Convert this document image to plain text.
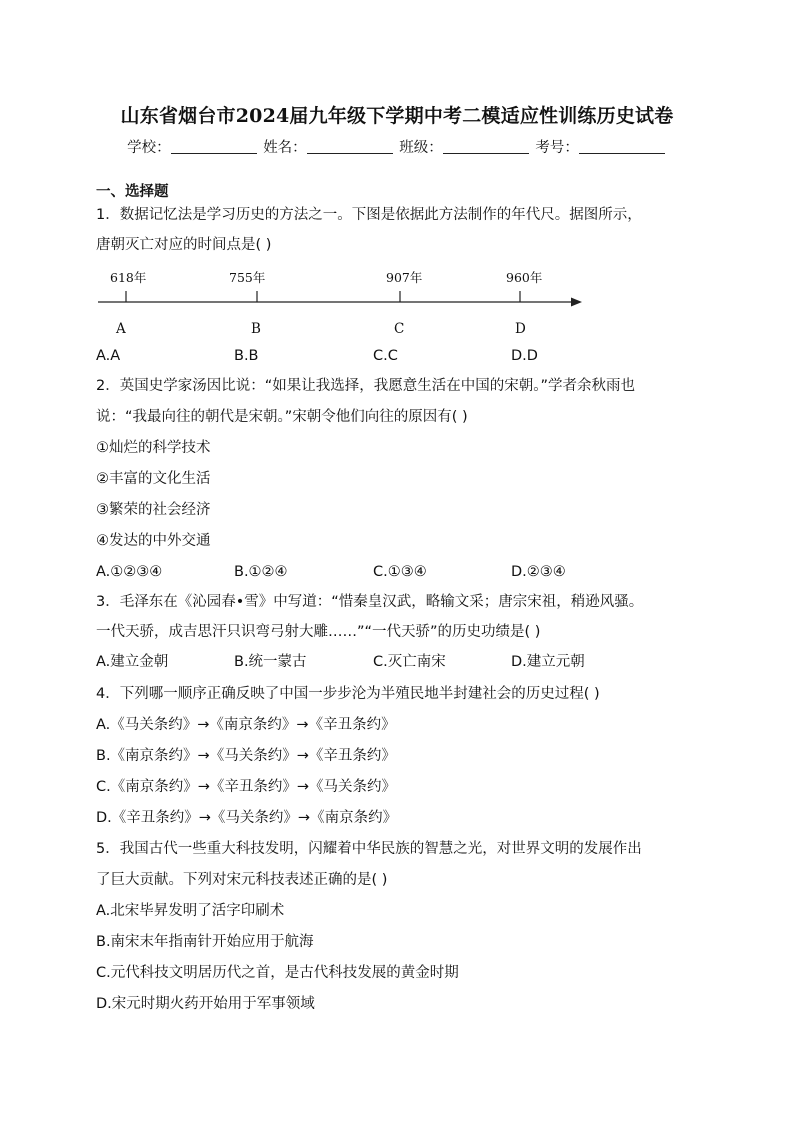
山东省烟台市2024届九年级下学期中考二模适应性训练历史试卷
学校：	姓名：	班级：	考号：
一、选择题
1．数据记忆法是学习历史的方法之一。下图是依据此方法制作的年代尺。据图所示，
唐朝灭亡对应的时间点是( )
618年	755年	907年	960年
A	B	C	D
A.A	B.B	C.C	D.D
2．英国史学家汤因比说：“如果让我选择，我愿意生活在中国的宋朝。”学者余秋雨也
说：“我最向往的朝代是宋朝。”宋朝令他们向往的原因有( )
①灿烂的科学技术
②丰富的文化生活
③繁荣的社会经济
④发达的中外交通
A.①②③④	B.①②④	C.①③④	D.②③④
3．毛泽东在《沁园春•雪》中写道：“惜秦皇汉武，略输文采；唐宗宋祖，稍逊风骚。
一代天骄，成吉思汗只识弯弓射大雕……”“一代天骄”的历史功绩是( )
A.建立金朝	B.统一蒙古	C.灭亡南宋	D.建立元朝
4．下列哪一顺序正确反映了中国一步步沦为半殖民地半封建社会的历史过程( )
A.《马关条约》→《南京条约》→《辛丑条约》
B.《南京条约》→《马关条约》→《辛丑条约》
C.《南京条约》→《辛丑条约》→《马关条约》
D.《辛丑条约》→《马关条约》→《南京条约》
5．我国古代一些重大科技发明，闪耀着中华民族的智慧之光，对世界文明的发展作出
了巨大贡献。下列对宋元科技表述正确的是( )
A.北宋毕昇发明了活字印刷术
B.南宋末年指南针开始应用于航海
C.元代科技文明居历代之首，是古代科技发展的黄金时期
D.宋元时期火药开始用于军事领域
